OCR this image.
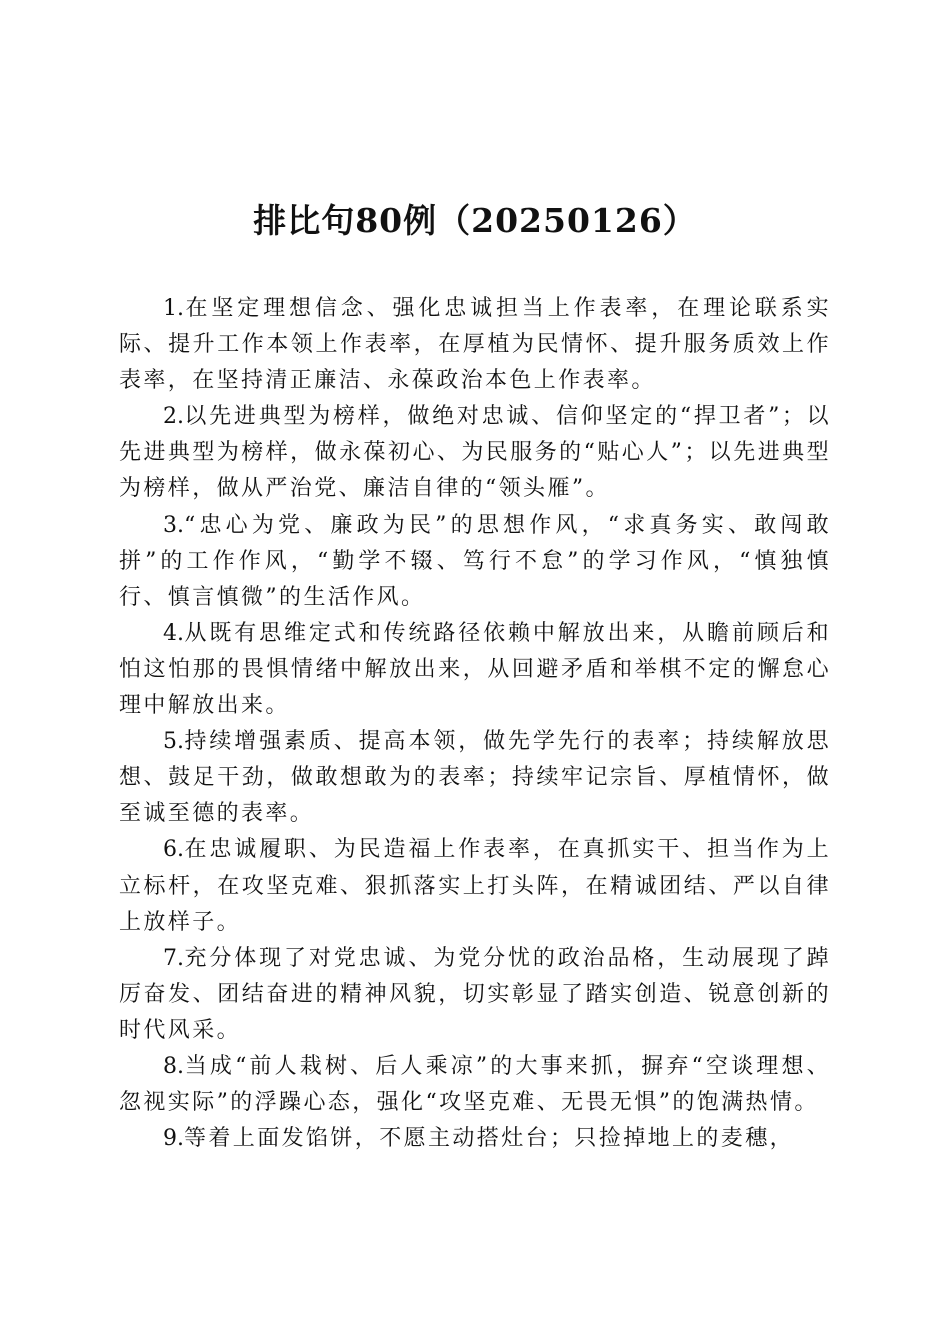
排比句80例（20250126）

1.在坚定理想信念、强化忠诚担当上作表率，在理论联系实际、提升工作本领上作表率，在厚植为民情怀、提升服务质效上作表率，在坚持清正廉洁、永葆政治本色上作表率。

2.以先进典型为榜样，做绝对忠诚、信仰坚定的“捍卫者”；以先进典型为榜样，做永葆初心、为民服务的“贴心人”；以先进典型为榜样，做从严治党、廉洁自律的“领头雁”。

3.“忠心为党、廉政为民”的思想作风，“求真务实、敢闯敢拼”的工作作风，“勤学不辍、笃行不怠”的学习作风，“慎独慎行、慎言慎微”的生活作风。

4.从既有思维定式和传统路径依赖中解放出来，从瞻前顾后和怕这怕那的畏惧情绪中解放出来，从回避矛盾和举棋不定的懈怠心理中解放出来。

5.持续增强素质、提高本领，做先学先行的表率；持续解放思想、鼓足干劲，做敢想敢为的表率；持续牢记宗旨、厚植情怀，做至诚至德的表率。

6.在忠诚履职、为民造福上作表率，在真抓实干、担当作为上立标杆，在攻坚克难、狠抓落实上打头阵，在精诚团结、严以自律上放样子。

7.充分体现了对党忠诚、为党分忧的政治品格，生动展现了踔厉奋发、团结奋进的精神风貌，切实彰显了踏实创造、锐意创新的时代风采。

8.当成“前人栽树、后人乘凉”的大事来抓，摒弃“空谈理想、忽视实际”的浮躁心态，强化“攻坚克难、无畏无惧”的饱满热情。

9.等着上面发馅饼，不愿主动搭灶台；只捡掉地上的麦穗，
